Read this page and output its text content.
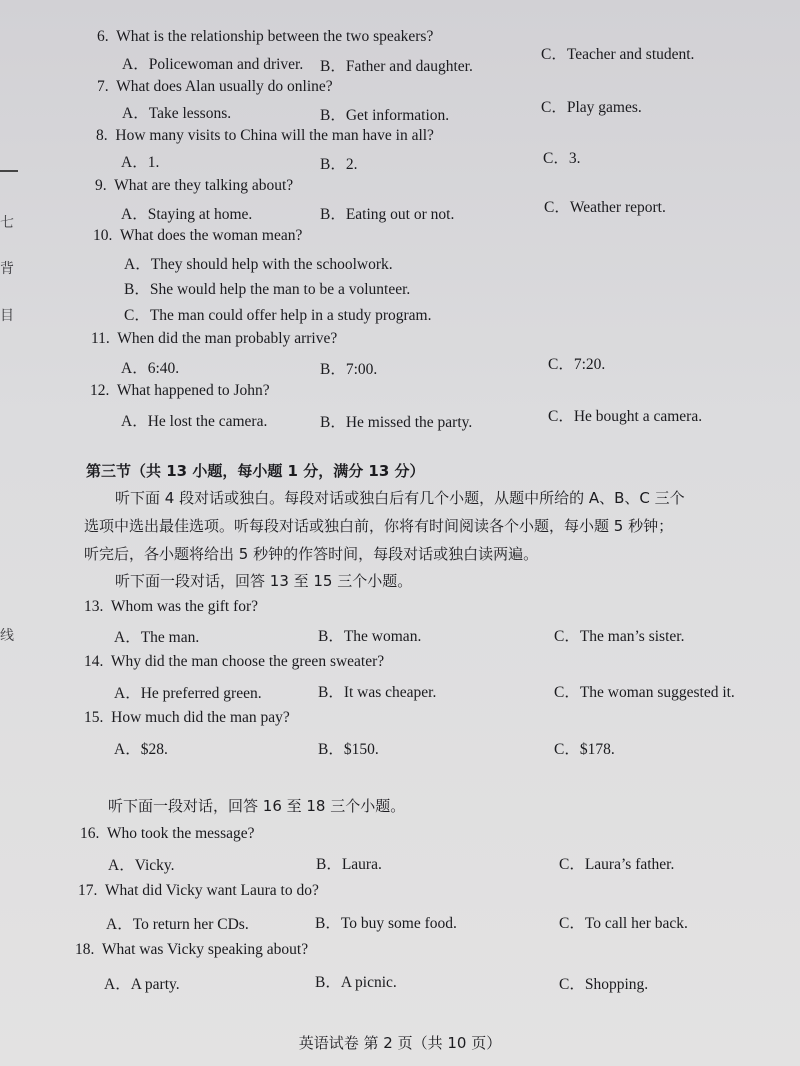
七
背
目
线
6. What is the relationship between the two speakers?
A．Policewoman and driver. B．Father and daughter.
C．Teacher and student.
7. What does Alan usually do online?
A．Take lessons.	B．Get information.	C．Play games.
8. How many visits to China will the man have in all?
A．1.	B．2.	C．3.
9. What are they talking about?
A．Staying at home.	B．Eating out or not.	C．Weather report.
10. What does the woman mean?
A．They should help with the schoolwork.
B．She would help the man to be a volunteer.
C．The man could offer help in a study program.
11. When did the man probably arrive?
A．6:40.	B．7:00.	C．7:20.
12. What happened to John?
A．He lost the camera.	B．He missed the party.	C．He bought a camera.
第三节（共 13 小题，每小题 1 分，满分 13 分）
听下面 4 段对话或独白。每段对话或独白后有几个小题，从题中所给的 A、B、C 三个
选项中选出最佳选项。听每段对话或独白前，你将有时间阅读各个小题，每小题 5 秒钟；
听完后，各小题将给出 5 秒钟的作答时间，每段对话或独白读两遍。
听下面一段对话，回答 13 至 15 三个小题。
13. Whom was the gift for?
A．The man.	B．The woman.	C．The man’s sister.
14. Why did the man choose the green sweater?
A．He preferred green.	B．It was cheaper.	C．The woman suggested it.
15. How much did the man pay?
A．$28.	B．$150.	C．$178.
听下面一段对话，回答 16 至 18 三个小题。
16. Who took the message?
A．Vicky.	B．Laura.	C．Laura’s father.
17. What did Vicky want Laura to do?
A．To return her CDs.	B．To buy some food.	C．To call her back.
18. What was Vicky speaking about?
A．A party.	B．A picnic.	C．Shopping.
英语试卷 第 2 页（共 10 页）
